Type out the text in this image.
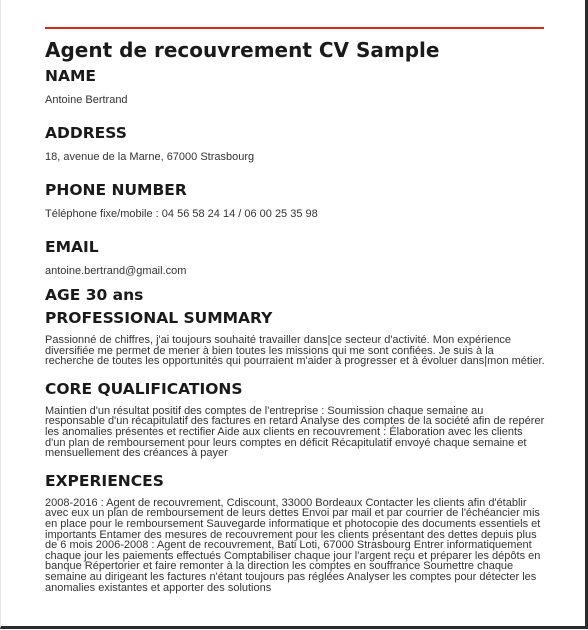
Agent de recouvrement CV Sample
NAME

Antoine Bertrand

ADDRESS

18, avenue de la Marne, 67000 Strasbourg

PHONE NUMBER

Téléphone fixe/mobile : 04 56 58 24 14 / 06 00 25 35 98

EMAIL

antoine.bertrand@gmail.com

AGE 30 ans
PROFESSIONAL SUMMARY

Passionné de chiffres, j'ai toujours souhaité travailler dans|ce secteur d'activité. Mon expérience diversifiée me permet de mener à bien toutes les missions qui me sont confiées. Je suis à la recherche de toutes les opportunités qui pourraient m'aider à progresser et à évoluer dans|mon métier.

CORE QUALIFICATIONS

Maintien d'un résultat positif des comptes de l'entreprise : Soumission chaque semaine au responsable d'un récapitulatif des factures en retard Analyse des comptes de la société afin de repérer les anomalies présentes et rectifier Aide aux clients en recouvrement : Élaboration avec les clients d'un plan de remboursement pour leurs comptes en déficit Récapitulatif envoyé chaque semaine et mensuellement des créances à payer

EXPERIENCES

2008-2016 : Agent de recouvrement, Cdiscount, 33000 Bordeaux Contacter les clients afin d'établir avec eux un plan de remboursement de leurs dettes Envoi par mail et par courrier de l'échéancier mis en place pour le remboursement Sauvegarde informatique et photocopie des documents essentiels et importants Entamer des mesures de recouvrement pour les clients présentant des dettes depuis plus de 6 mois 2006-2008 : Agent de recouvrement, Bati Loti, 67000 Strasbourg Entrer informatiquement chaque jour les paiements effectués Comptabiliser chaque jour l'argent reçu et préparer les dépôts en banque Répertorier et faire remonter à la direction les comptes en souffrance Soumettre chaque semaine au dirigeant les factures n'étant toujours pas réglées Analyser les comptes pour détecter les anomalies existantes et apporter des solutions
